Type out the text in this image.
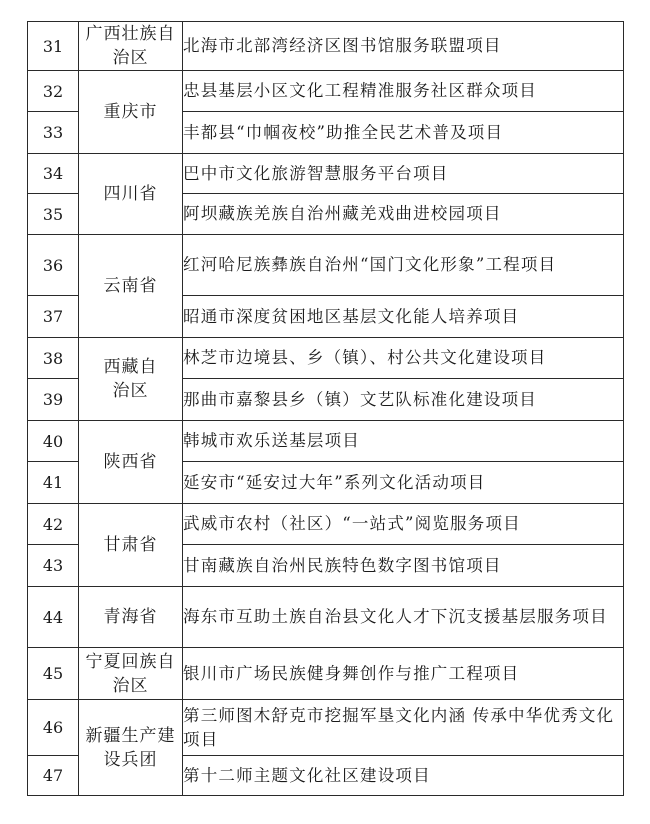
31	广西壮族自治区	北海市北部湾经济区图书馆服务联盟项目
32	重庆市	忠县基层小区文化工程精准服务社区群众项目
33		丰都县“巾帼夜校”助推全民艺术普及项目
34	四川省	巴中市文化旅游智慧服务平台项目
35		阿坝藏族羌族自治州藏羌戏曲进校园项目
36	云南省	红河哈尼族彝族自治州“国门文化形象”工程项目
37		昭通市深度贫困地区基层文化能人培养项目
38	西藏自治区	林芝市边境县、乡（镇）、村公共文化建设项目
39		那曲市嘉黎县乡（镇）文艺队标准化建设项目
40	陕西省	韩城市欢乐送基层项目
41		延安市“延安过大年”系列文化活动项目
42	甘肃省	武威市农村（社区）“一站式”阅览服务项目
43		甘南藏族自治州民族特色数字图书馆项目
44	青海省	海东市互助土族自治县文化人才下沉支援基层服务项目
45	宁夏回族自治区	银川市广场民族健身舞创作与推广工程项目
46	新疆生产建设兵团	第三师图木舒克市挖掘军垦文化内涵 传承中华优秀文化项目
47		第十二师主题文化社区建设项目
